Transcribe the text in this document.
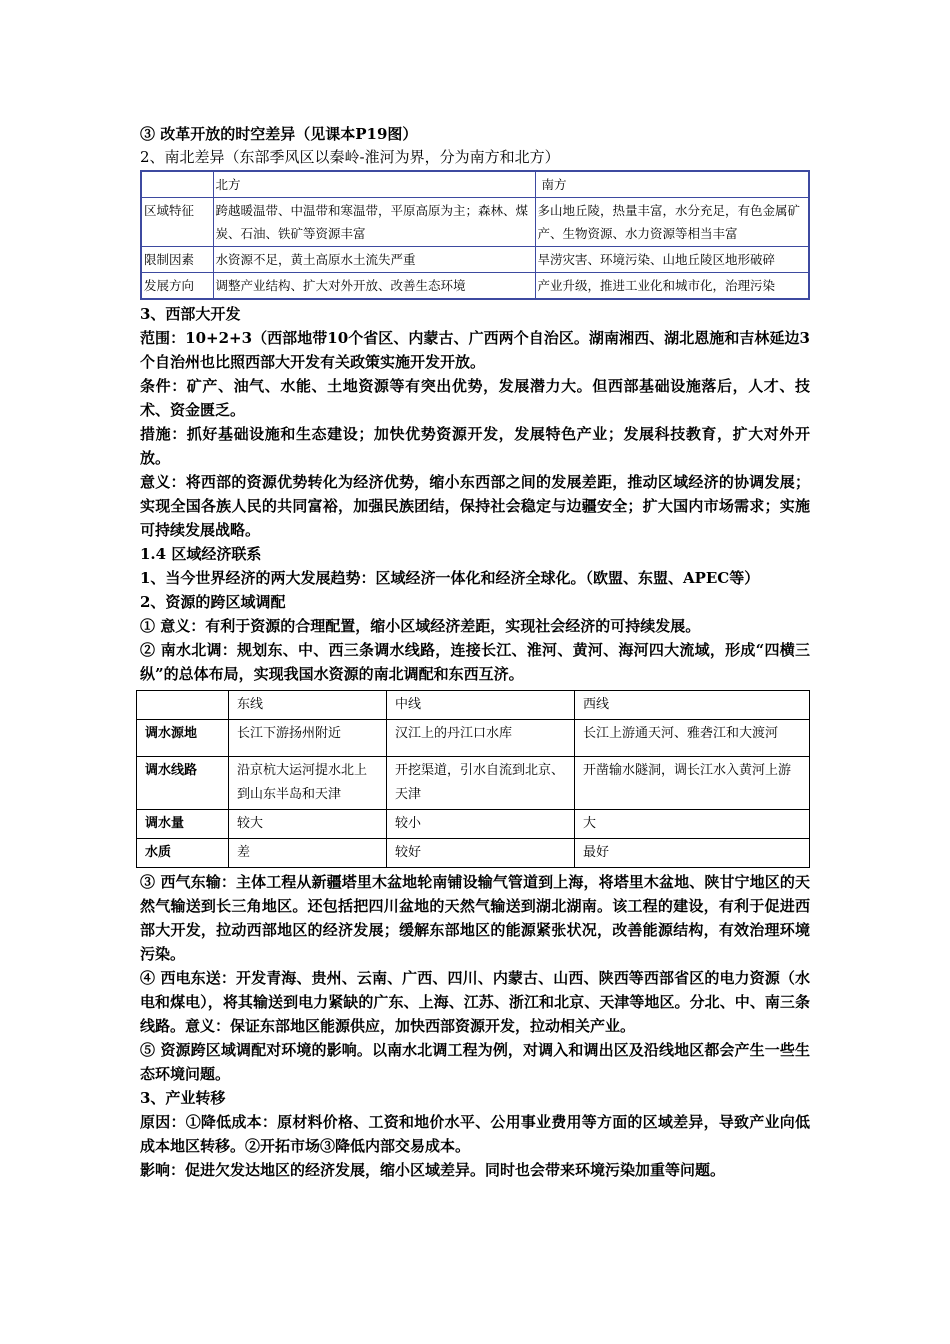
③ 改革开放的时空差异（见课本P19图）

2、南北差异（东部季风区以秦岭-淮河为界，分为南方和北方）

	北方	南方
区域特征	跨越暖温带、中温带和寒温带，平原高原为主；森林、煤炭、石油、铁矿等资源丰富	多山地丘陵，热量丰富，水分充足，有色金属矿产、生物资源、水力资源等相当丰富
限制因素	水资源不足，黄土高原水土流失严重	旱涝灾害、环境污染、山地丘陵区地形破碎
发展方向	调整产业结构、扩大对外开放、改善生态环境	产业升级，推进工业化和城市化，治理污染

3、西部大开发

范围：10+2+3（西部地带10个省区、内蒙古、广西两个自治区。湖南湘西、湖北恩施和吉林延边3个自治州也比照西部大开发有关政策实施开发开放。

条件：矿产、油气、水能、土地资源等有突出优势，发展潜力大。但西部基础设施落后，人才、技术、资金匮乏。

措施：抓好基础设施和生态建设；加快优势资源开发，发展特色产业；发展科技教育，扩大对外开放。

意义：将西部的资源优势转化为经济优势，缩小东西部之间的发展差距，推动区域经济的协调发展；实现全国各族人民的共同富裕，加强民族团结，保持社会稳定与边疆安全；扩大国内市场需求；实施可持续发展战略。

1.4 区域经济联系

1、当今世界经济的两大发展趋势：区域经济一体化和经济全球化。（欧盟、东盟、APEC等）

2、资源的跨区域调配

① 意义：有利于资源的合理配置，缩小区域经济差距，实现社会经济的可持续发展。

② 南水北调：规划东、中、西三条调水线路，连接长江、淮河、黄河、海河四大流域，形成“四横三纵”的总体布局，实现我国水资源的南北调配和东西互济。

	东线	中线	西线
调水源地	长江下游扬州附近	汉江上的丹江口水库	长江上游通天河、雅砻江和大渡河
调水线路	沿京杭大运河提水北上到山东半岛和天津	开挖渠道，引水自流到北京、天津	开凿输水隧洞，调长江水入黄河上游
调水量	较大	较小	大
水质	差	较好	最好

③ 西气东输：主体工程从新疆塔里木盆地轮南铺设输气管道到上海，将塔里木盆地、陕甘宁地区的天然气输送到长三角地区。还包括把四川盆地的天然气输送到湖北湖南。该工程的建设，有利于促进西部大开发，拉动西部地区的经济发展；缓解东部地区的能源紧张状况，改善能源结构，有效治理环境污染。

④ 西电东送：开发青海、贵州、云南、广西、四川、内蒙古、山西、陕西等西部省区的电力资源（水电和煤电），将其输送到电力紧缺的广东、上海、江苏、浙江和北京、天津等地区。分北、中、南三条线路。意义：保证东部地区能源供应，加快西部资源开发，拉动相关产业。

⑤ 资源跨区域调配对环境的影响。以南水北调工程为例，对调入和调出区及沿线地区都会产生一些生态环境问题。

3、产业转移

原因：①降低成本：原材料价格、工资和地价水平、公用事业费用等方面的区域差异，导致产业向低成本地区转移。②开拓市场③降低内部交易成本。

影响：促进欠发达地区的经济发展，缩小区域差异。同时也会带来环境污染加重等问题。
